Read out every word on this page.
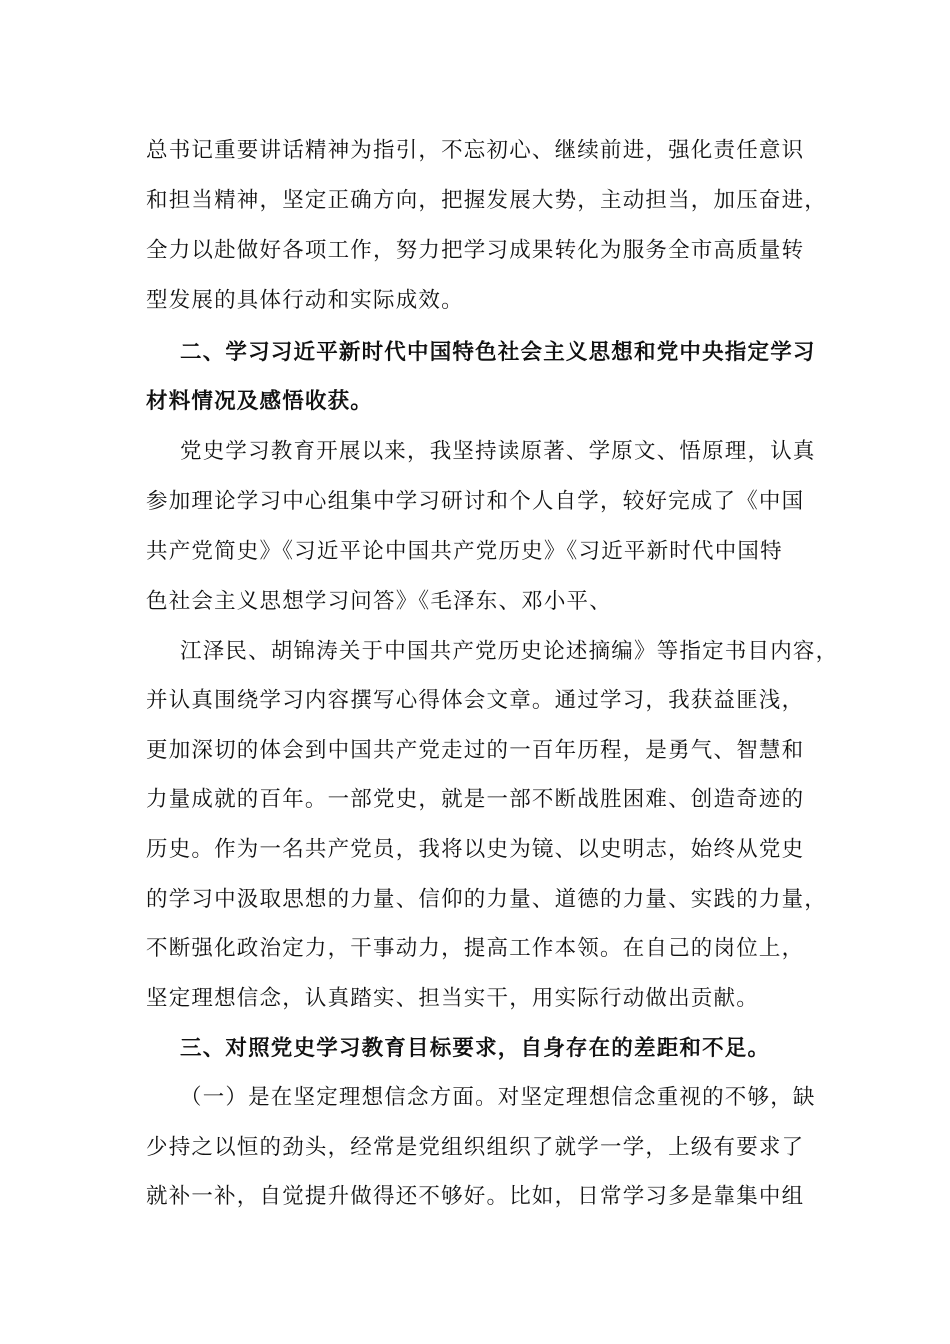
总书记重要讲话精神为指引，不忘初心、继续前进，强化责任意识
和担当精神，坚定正确方向，把握发展大势，主动担当，加压奋进，
全力以赴做好各项工作，努力把学习成果转化为服务全市高质量转
型发展的具体行动和实际成效。
二、学习习近平新时代中国特色社会主义思想和党中央指定学习
材料情况及感悟收获。
党史学习教育开展以来，我坚持读原著、学原文、悟原理，认真
参加理论学习中心组集中学习研讨和个人自学，较好完成了《中国
共产党简史》《习近平论中国共产党历史》《习近平新时代中国特
色社会主义思想学习问答》《毛泽东、邓小平、
江泽民、胡锦涛关于中国共产党历史论述摘编》等指定书目内容，
并认真围绕学习内容撰写心得体会文章。通过学习，我获益匪浅，
更加深切的体会到中国共产党走过的一百年历程，是勇气、智慧和
力量成就的百年。一部党史，就是一部不断战胜困难、创造奇迹的
历史。作为一名共产党员，我将以史为镜、以史明志，始终从党史
的学习中汲取思想的力量、信仰的力量、道德的力量、实践的力量，
不断强化政治定力，干事动力，提高工作本领。在自己的岗位上，
坚定理想信念，认真踏实、担当实干，用实际行动做出贡献。
三、对照党史学习教育目标要求，自身存在的差距和不足。
（一）是在坚定理想信念方面。对坚定理想信念重视的不够，缺
少持之以恒的劲头，经常是党组织组织了就学一学，上级有要求了
就补一补，自觉提升做得还不够好。比如，日常学习多是靠集中组
